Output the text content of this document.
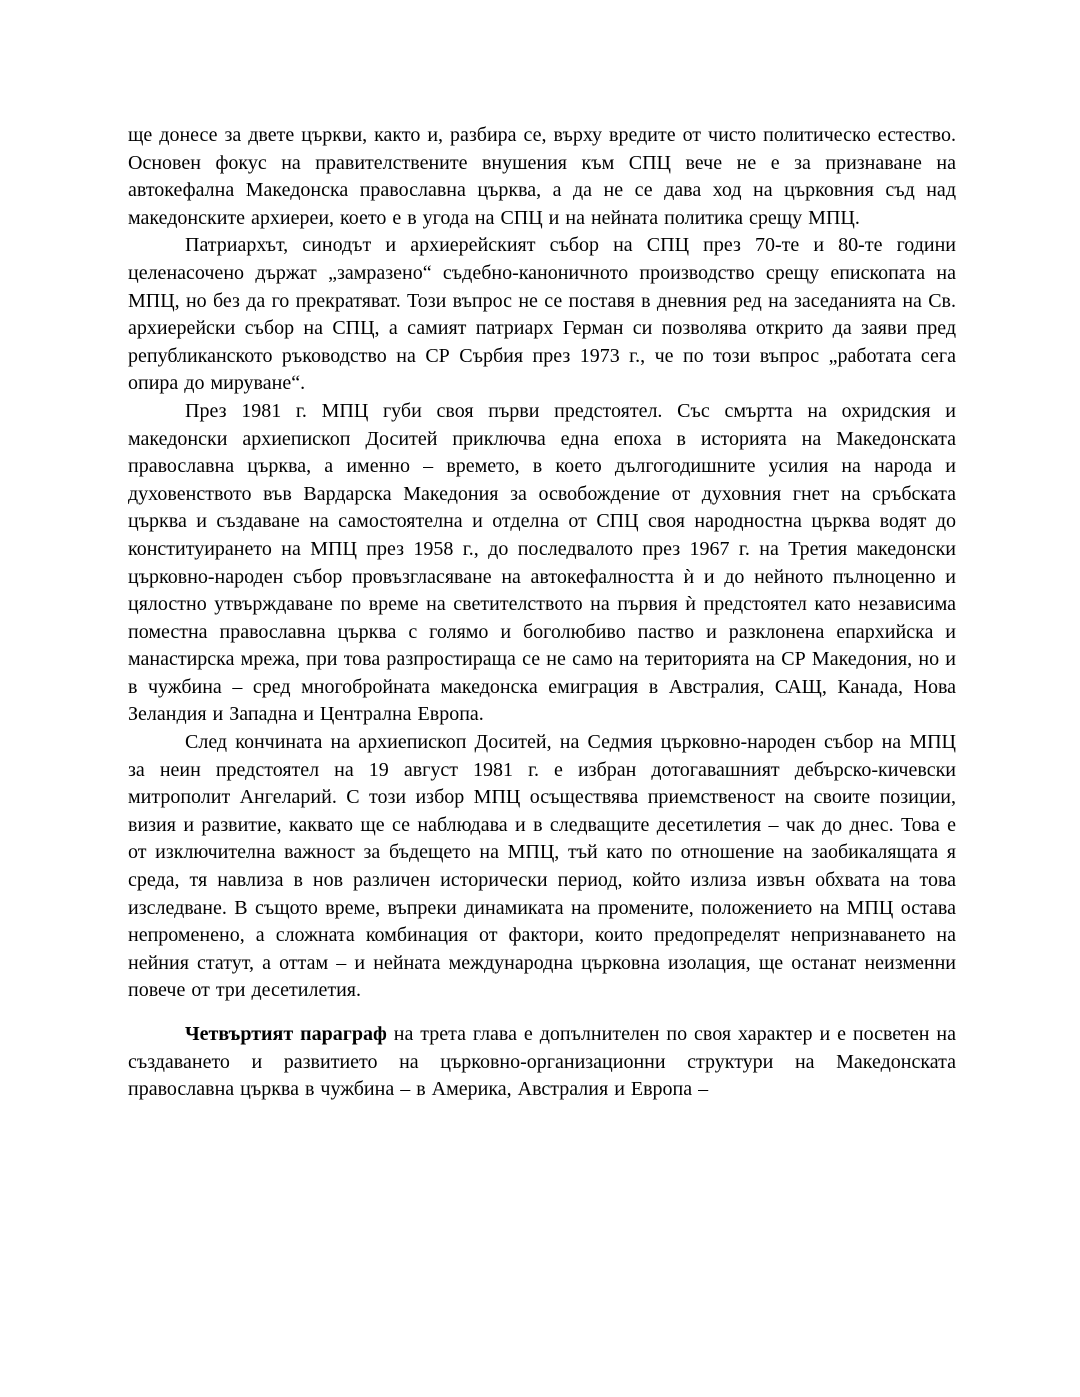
ще донесе за двете църкви, както и, разбира се, върху вредите от чисто политическо естество. Основен фокус на правителствените внушения към СПЦ вече не е за признаване на автокефална Македонска православна църква, а да не се дава ход на църковния съд над македонските архиереи, което е в угода на СПЦ и на нейната политика срещу МПЦ.

Патриархът, синодът и архиерейският събор на СПЦ през 70-те и 80-те години целенасочено държат „замразено“ съдебно-каноничното производство срещу епископата на МПЦ, но без да го прекратяват. Този въпрос не се поставя в дневния ред на заседанията на Св. архиерейски събор на СПЦ, а самият патриарх Герман си позволява открито да заяви пред републиканското ръководство на СР Сърбия през 1973 г., че по този въпрос „работата сега опира до мируване“.

През 1981 г. МПЦ губи своя първи предстоятел. Със смъртта на охридския и македонски архиепископ Доситей приключва една епоха в историята на Македонската православна църква, а именно – времето, в което дългогодишните усилия на народа и духовенството във Вардарска Македония за освобождение от духовния гнет на сръбската църква и създаване на самостоятелна и отделна от СПЦ своя народностна църква водят до конституирането на МПЦ през 1958 г., до последвалото през 1967 г. на Третия македонски църковно-народен събор провъзгласяване на автокефалността ѝ и до нейното пълноценно и цялостно утвърждаване по време на светителството на първия ѝ предстоятел като независима поместна православна църква с голямо и боголюбиво паство и разклонена епархийска и манастирска мрежа, при това разпростираща се не само на територията на СР Македония, но и в чужбина – сред многобройната македонска емиграция в Австралия, САЩ, Канада, Нова Зеландия и Западна и Централна Европа.

След кончината на архиепископ Доситей, на Седмия църковно-народен събор на МПЦ за неин предстоятел на 19 август 1981 г. е избран дотогавашният дебърско-кичевски митрополит Ангеларий. С този избор МПЦ осъществява приемственост на своите позиции, визия и развитие, каквато ще се наблюдава и в следващите десетилетия – чак до днес. Това е от изключителна важност за бъдещето на МПЦ, тъй като по отношение на заобикалящата я среда, тя навлиза в нов различен исторически период, който излиза извън обхвата на това изследване. В същото време, въпреки динамиката на промените, положението на МПЦ остава непроменено, а сложната комбинация от фактори, които предопределят непризнаването на нейния статут, а оттам – и нейната международна църковна изолация, ще останат неизменни повече от три десетилетия.

Четвъртият параграф на трета глава е допълнителен по своя характер и е посветен на създаването и развитието на църковно-организационни структури на Македонската православна църква в чужбина – в Америка, Австралия и Европа –
